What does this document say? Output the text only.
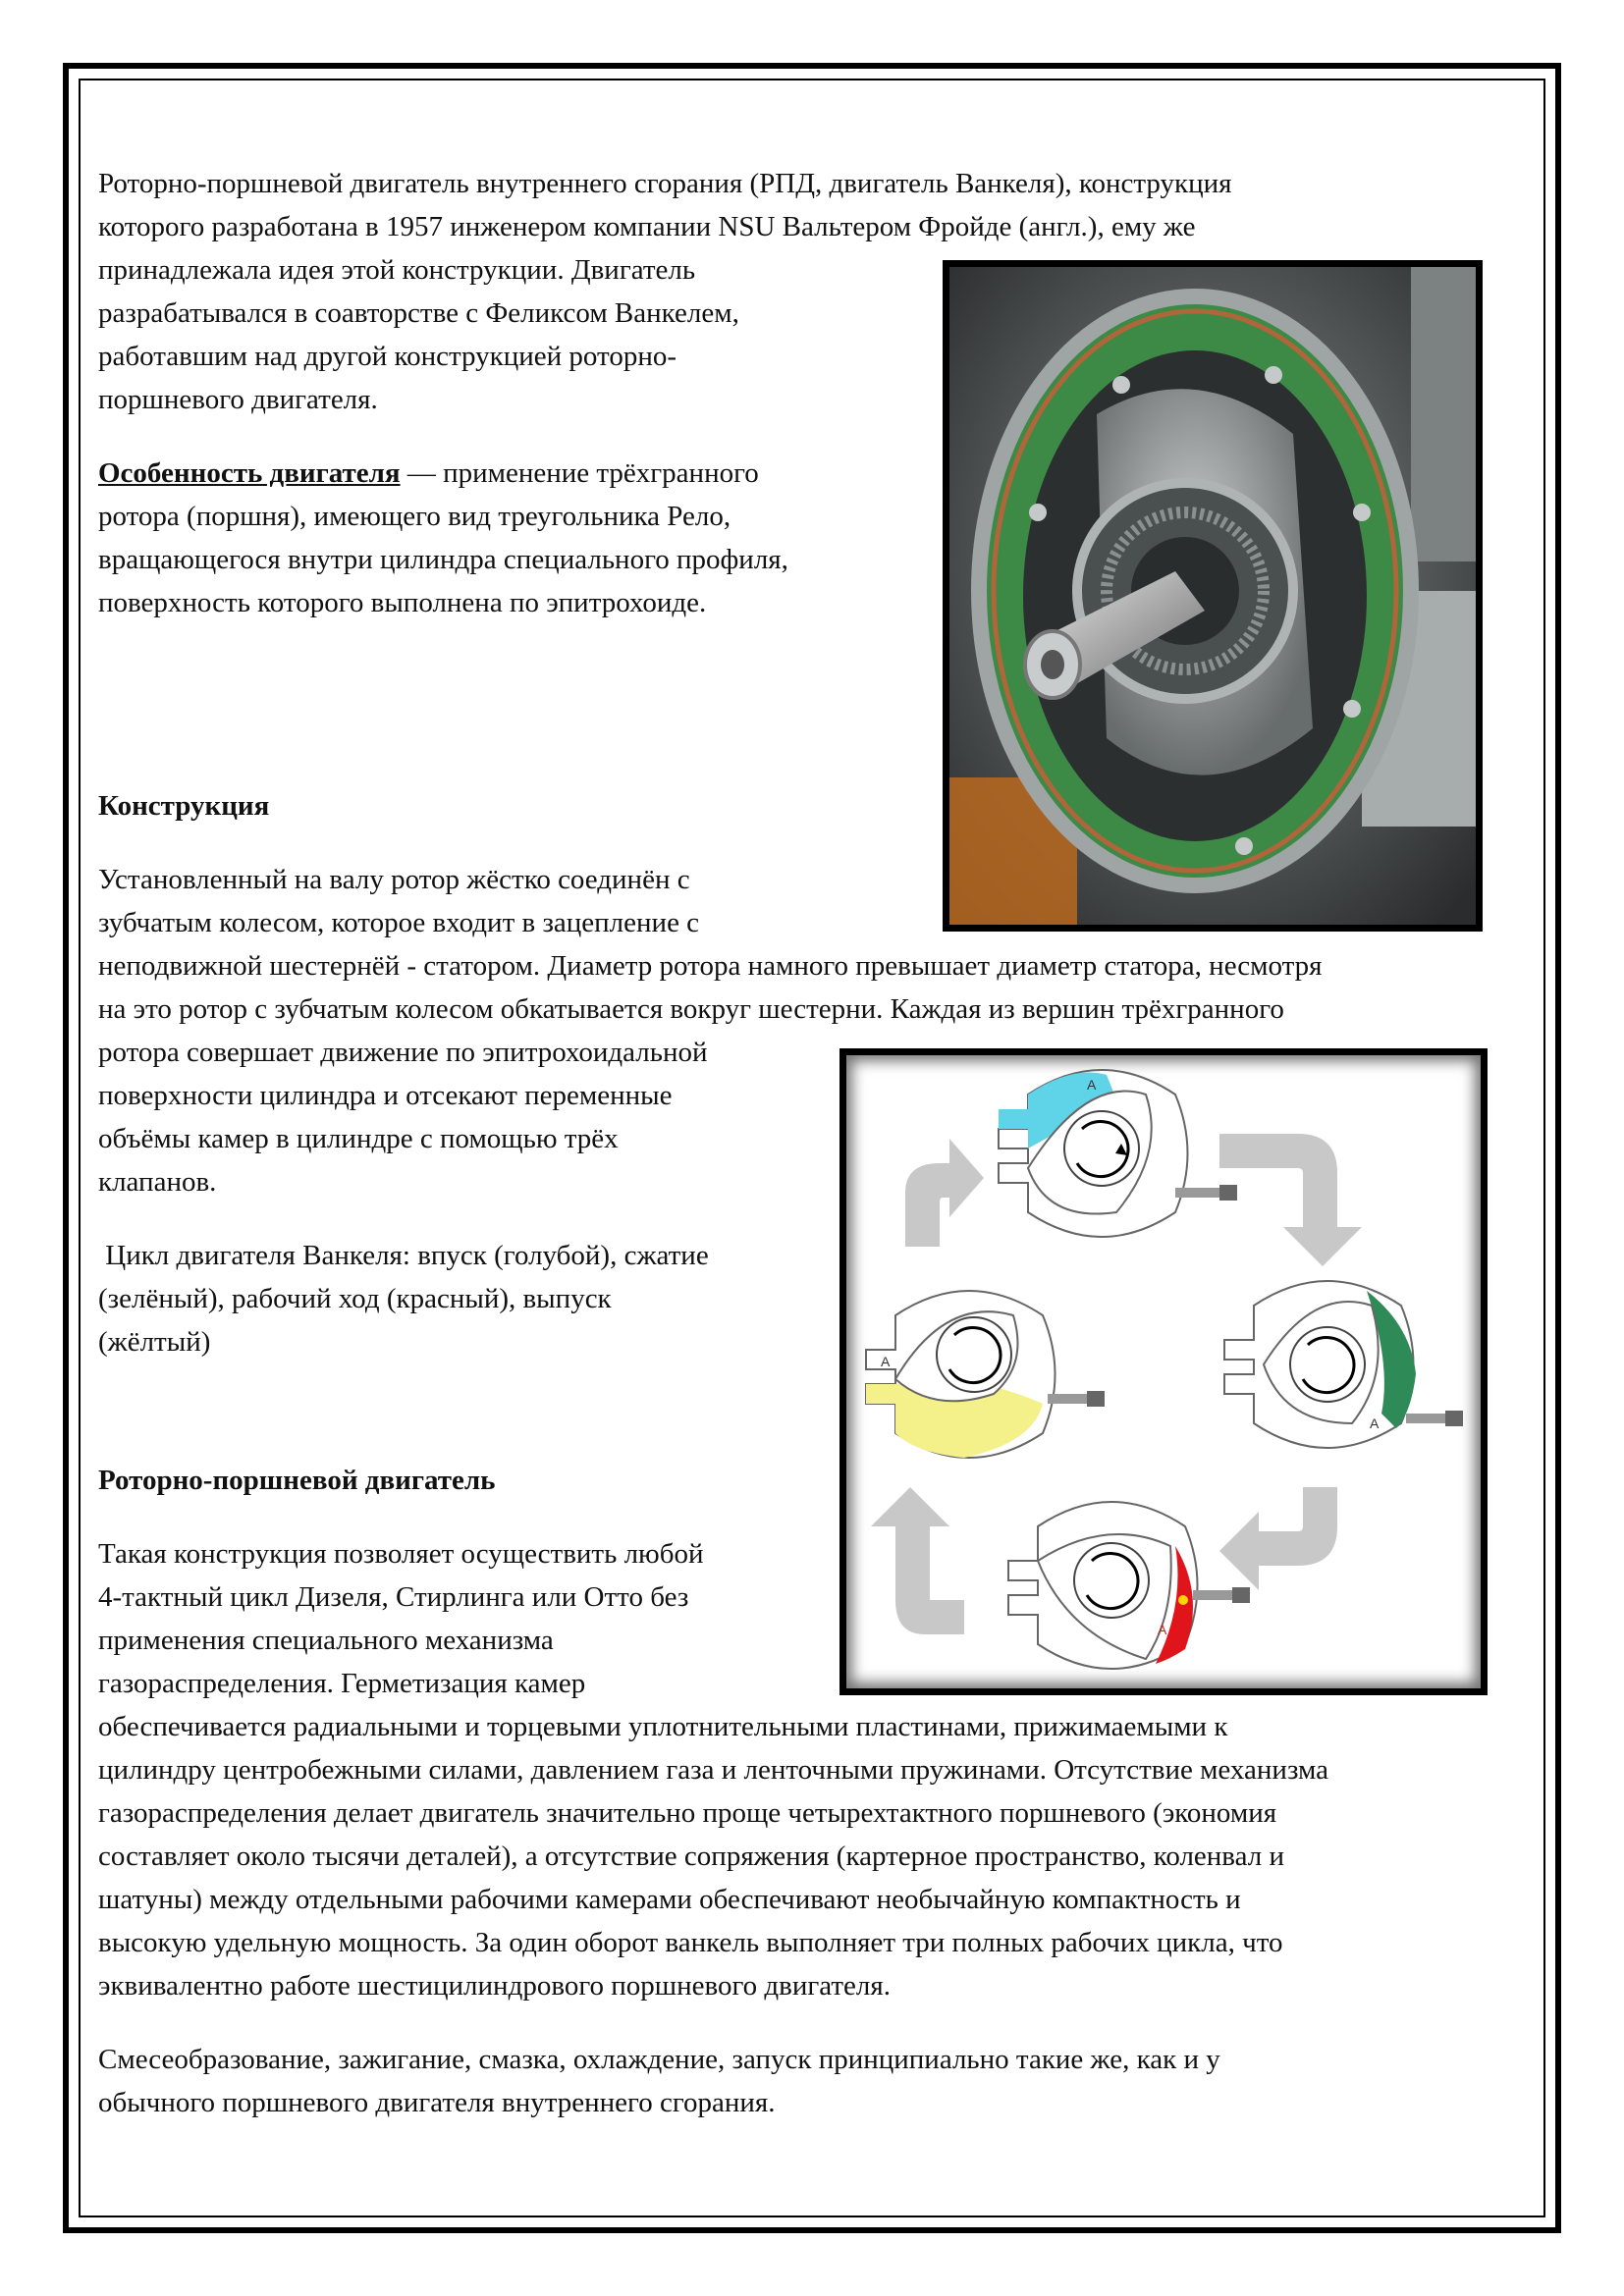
Роторно-поршневой двигатель внутреннего сгорания (РПД, двигатель Ванкеля), конструкция

которого разработана в 1957 инженером компании NSU Вальтером Фройде (англ.), ему же

принадлежала идея этой конструкции. Двигатель

разрабатывался в соавторстве с Феликсом Ванкелем,

работавшим над другой конструкцией роторно-

поршневого двигателя.

Особенность двигателя — применение трёхгранного

ротора (поршня), имеющего вид треугольника Рело,

вращающегося внутри цилиндра специального профиля,

поверхность которого выполнена по эпитрохоиде.

Конструкция

Установленный на валу ротор жёстко соединён с

зубчатым колесом, которое входит в зацепление с

неподвижной шестернёй - статором. Диаметр ротора намного превышает диаметр статора, несмотря

на это ротор с зубчатым колесом обкатывается вокруг шестерни. Каждая из вершин трёхгранного

ротора совершает движение по эпитрохоидальной

поверхности цилиндра и отсекают переменные

объёмы камер в цилиндре с помощью трёх

клапанов.

Цикл двигателя Ванкеля: впуск (голубой), сжатие

(зелёный), рабочий ход (красный), выпуск

(жёлтый)

Роторно-поршневой двигатель

Такая конструкция позволяет осуществить любой

4-тактный цикл Дизеля, Стирлинга или Отто без

применения специального механизма

газораспределения. Герметизация камер

обеспечивается радиальными и торцевыми уплотнительными пластинами, прижимаемыми к

цилиндру центробежными силами, давлением газа и ленточными пружинами. Отсутствие механизма

газораспределения делает двигатель значительно проще четырехтактного поршневого (экономия

составляет около тысячи деталей), а отсутствие сопряжения (картерное пространство, коленвал и

шатуны) между отдельными рабочими камерами обеспечивают необычайную компактность и

высокую удельную мощность. За один оборот ванкель выполняет три полных рабочих цикла, что

эквивалентно работе шестицилиндрового поршневого двигателя.

Смесеобразование, зажигание, смазка, охлаждение, запуск принципиально такие же, как и у

обычного поршневого двигателя внутреннего сгорания.

A
A
A
A
